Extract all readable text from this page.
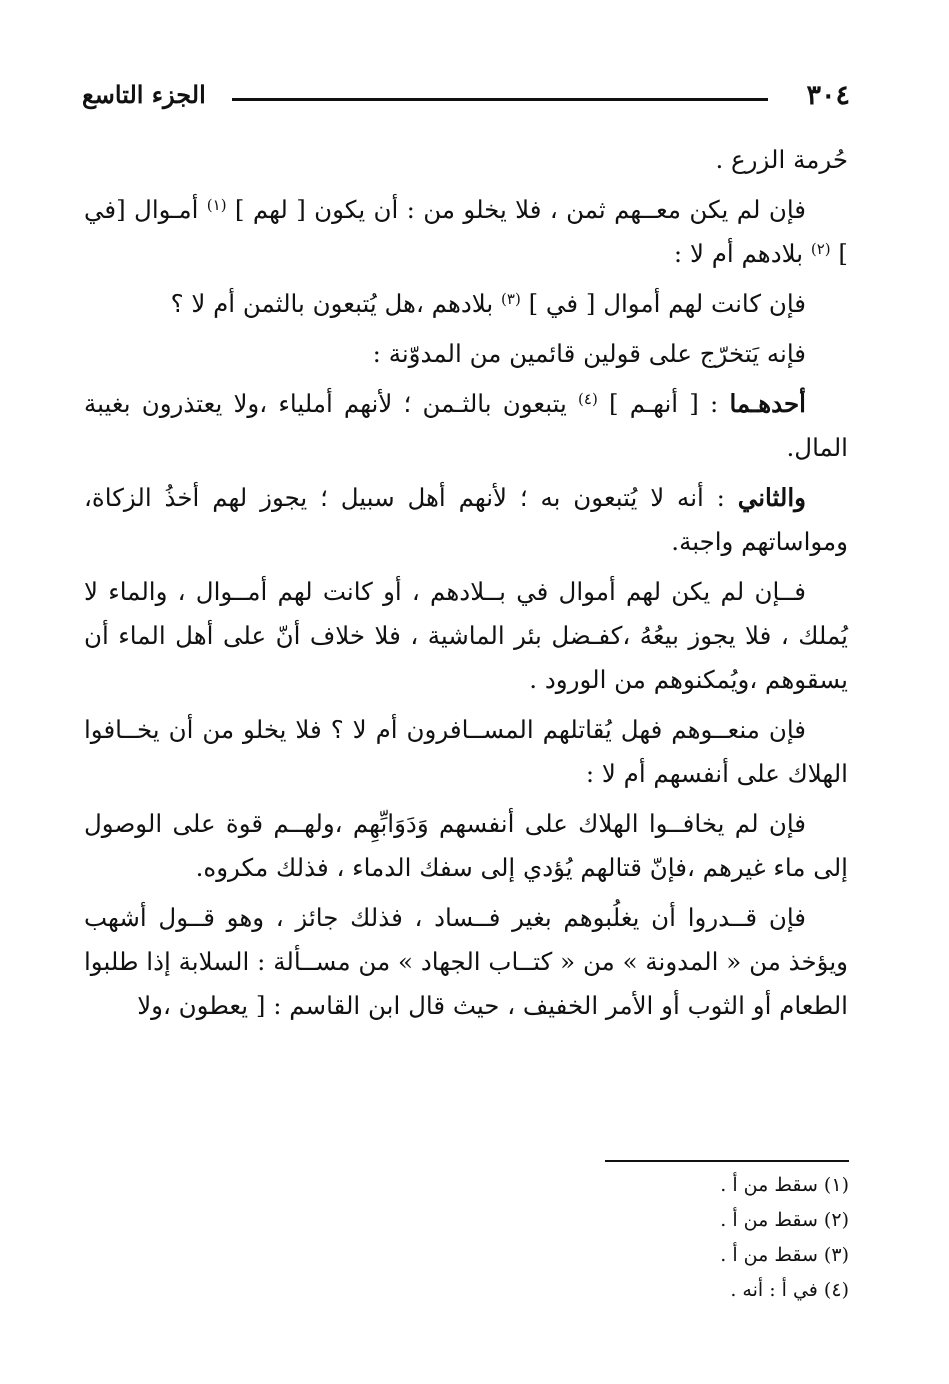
٣٠٤
الجزء التاسع

حُرمة الزرع .

فإن لم يكن معــهم ثمن ، فلا يخلو من : أن يكون [ لهم ] $^{(١)}$ أمـوال [في ] $^{(٢)}$ بلادهم أم لا :

فإن كانت لهم أموال [ في ] $^{(٣)}$ بلادهم ،هل يُتبعون بالثمن أم لا ؟

فإنه يَتخرّج على قولين قائمين من المدوّنة :

أحدهـما : [ أنهـم ] $^{(٤)}$ يتبعون بالثـمن ؛ لأنهم أملياء ،ولا يعتذرون بغيبة المال.

والثاني : أنه لا يُتبعون به ؛ لأنهم أهل سبيل ؛ يجوز لهم أخذُ الزكاة، ومواساتهم واجبة.

فــإن لم يكن لهم أموال في بــلادهم ، أو كانت لهم أمــوال ، والماء لا يُملك ، فلا يجوز بيعُهُ ،كفـضل بئر الماشية ، فلا خلاف أنّ على أهل الماء أن يسقوهم ،ويُمكنوهم من الورود .

فإن منعــوهم فهل يُقاتلهم المســافرون أم لا ؟ فلا يخلو من أن يخــافوا الهلاك على أنفسهم أم لا :

فإن لم يخافــوا الهلاك على أنفسهم وَدَوَابِّهِم ،ولهــم قوة على الوصول إلى ماء غيرهم ،فإنّ قتالهم يُؤدي إلى سفك الدماء ، فذلك مكروه.

فإن قــدروا أن يغلُبوهم بغير فــساد ، فذلك جائز ، وهو قــول أشهب ويؤخذ من « المدونة » من « كتــاب الجهاد » من مســألة : السلابة إذا طلبوا الطعام أو الثوب أو الأمر الخفيف ، حيث قال ابن القاسم : [ يعطون ،ولا

(١) سقط من أ .
(٢) سقط من أ .
(٣) سقط من أ .
(٤) في أ : أنه .
